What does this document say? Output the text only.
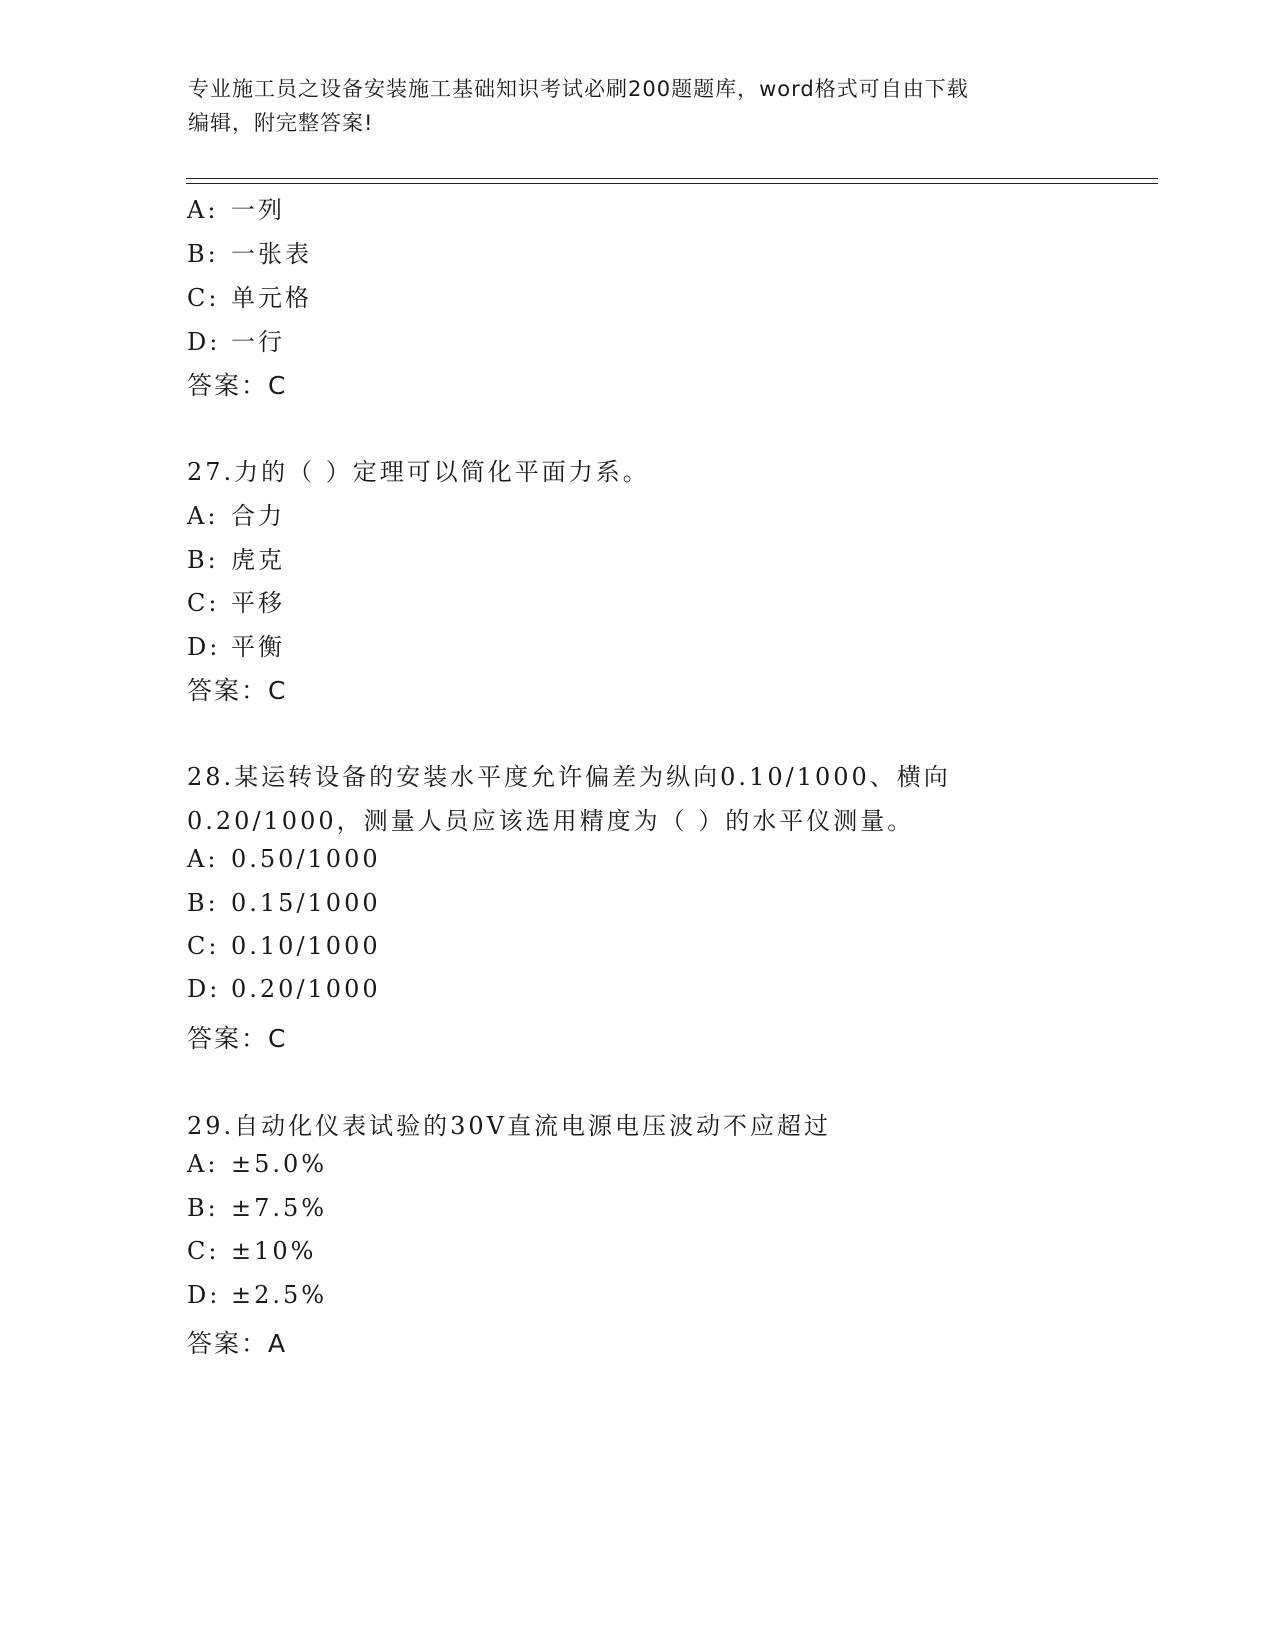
专业施工员之设备安装施工基础知识考试必刷200题题库，word格式可自由下载
编辑，附完整答案!
A: 一列
B: 一张表
C: 单元格
D: 一行
答案：C
27.力的（ ）定理可以简化平面力系。
A: 合力
B: 虎克
C: 平移
D: 平衡
答案：C
28.某运转设备的安装水平度允许偏差为纵向0.10/1000、横向
0.20/1000，测量人员应该选用精度为（ ）的水平仪测量。
A: 0.50/1000
B: 0.15/1000
C: 0.10/1000
D: 0.20/1000
答案：C
29.自动化仪表试验的30V直流电源电压波动不应超过
A: ±5.0%
B: ±7.5%
C: ±10%
D: ±2.5%
答案：A
